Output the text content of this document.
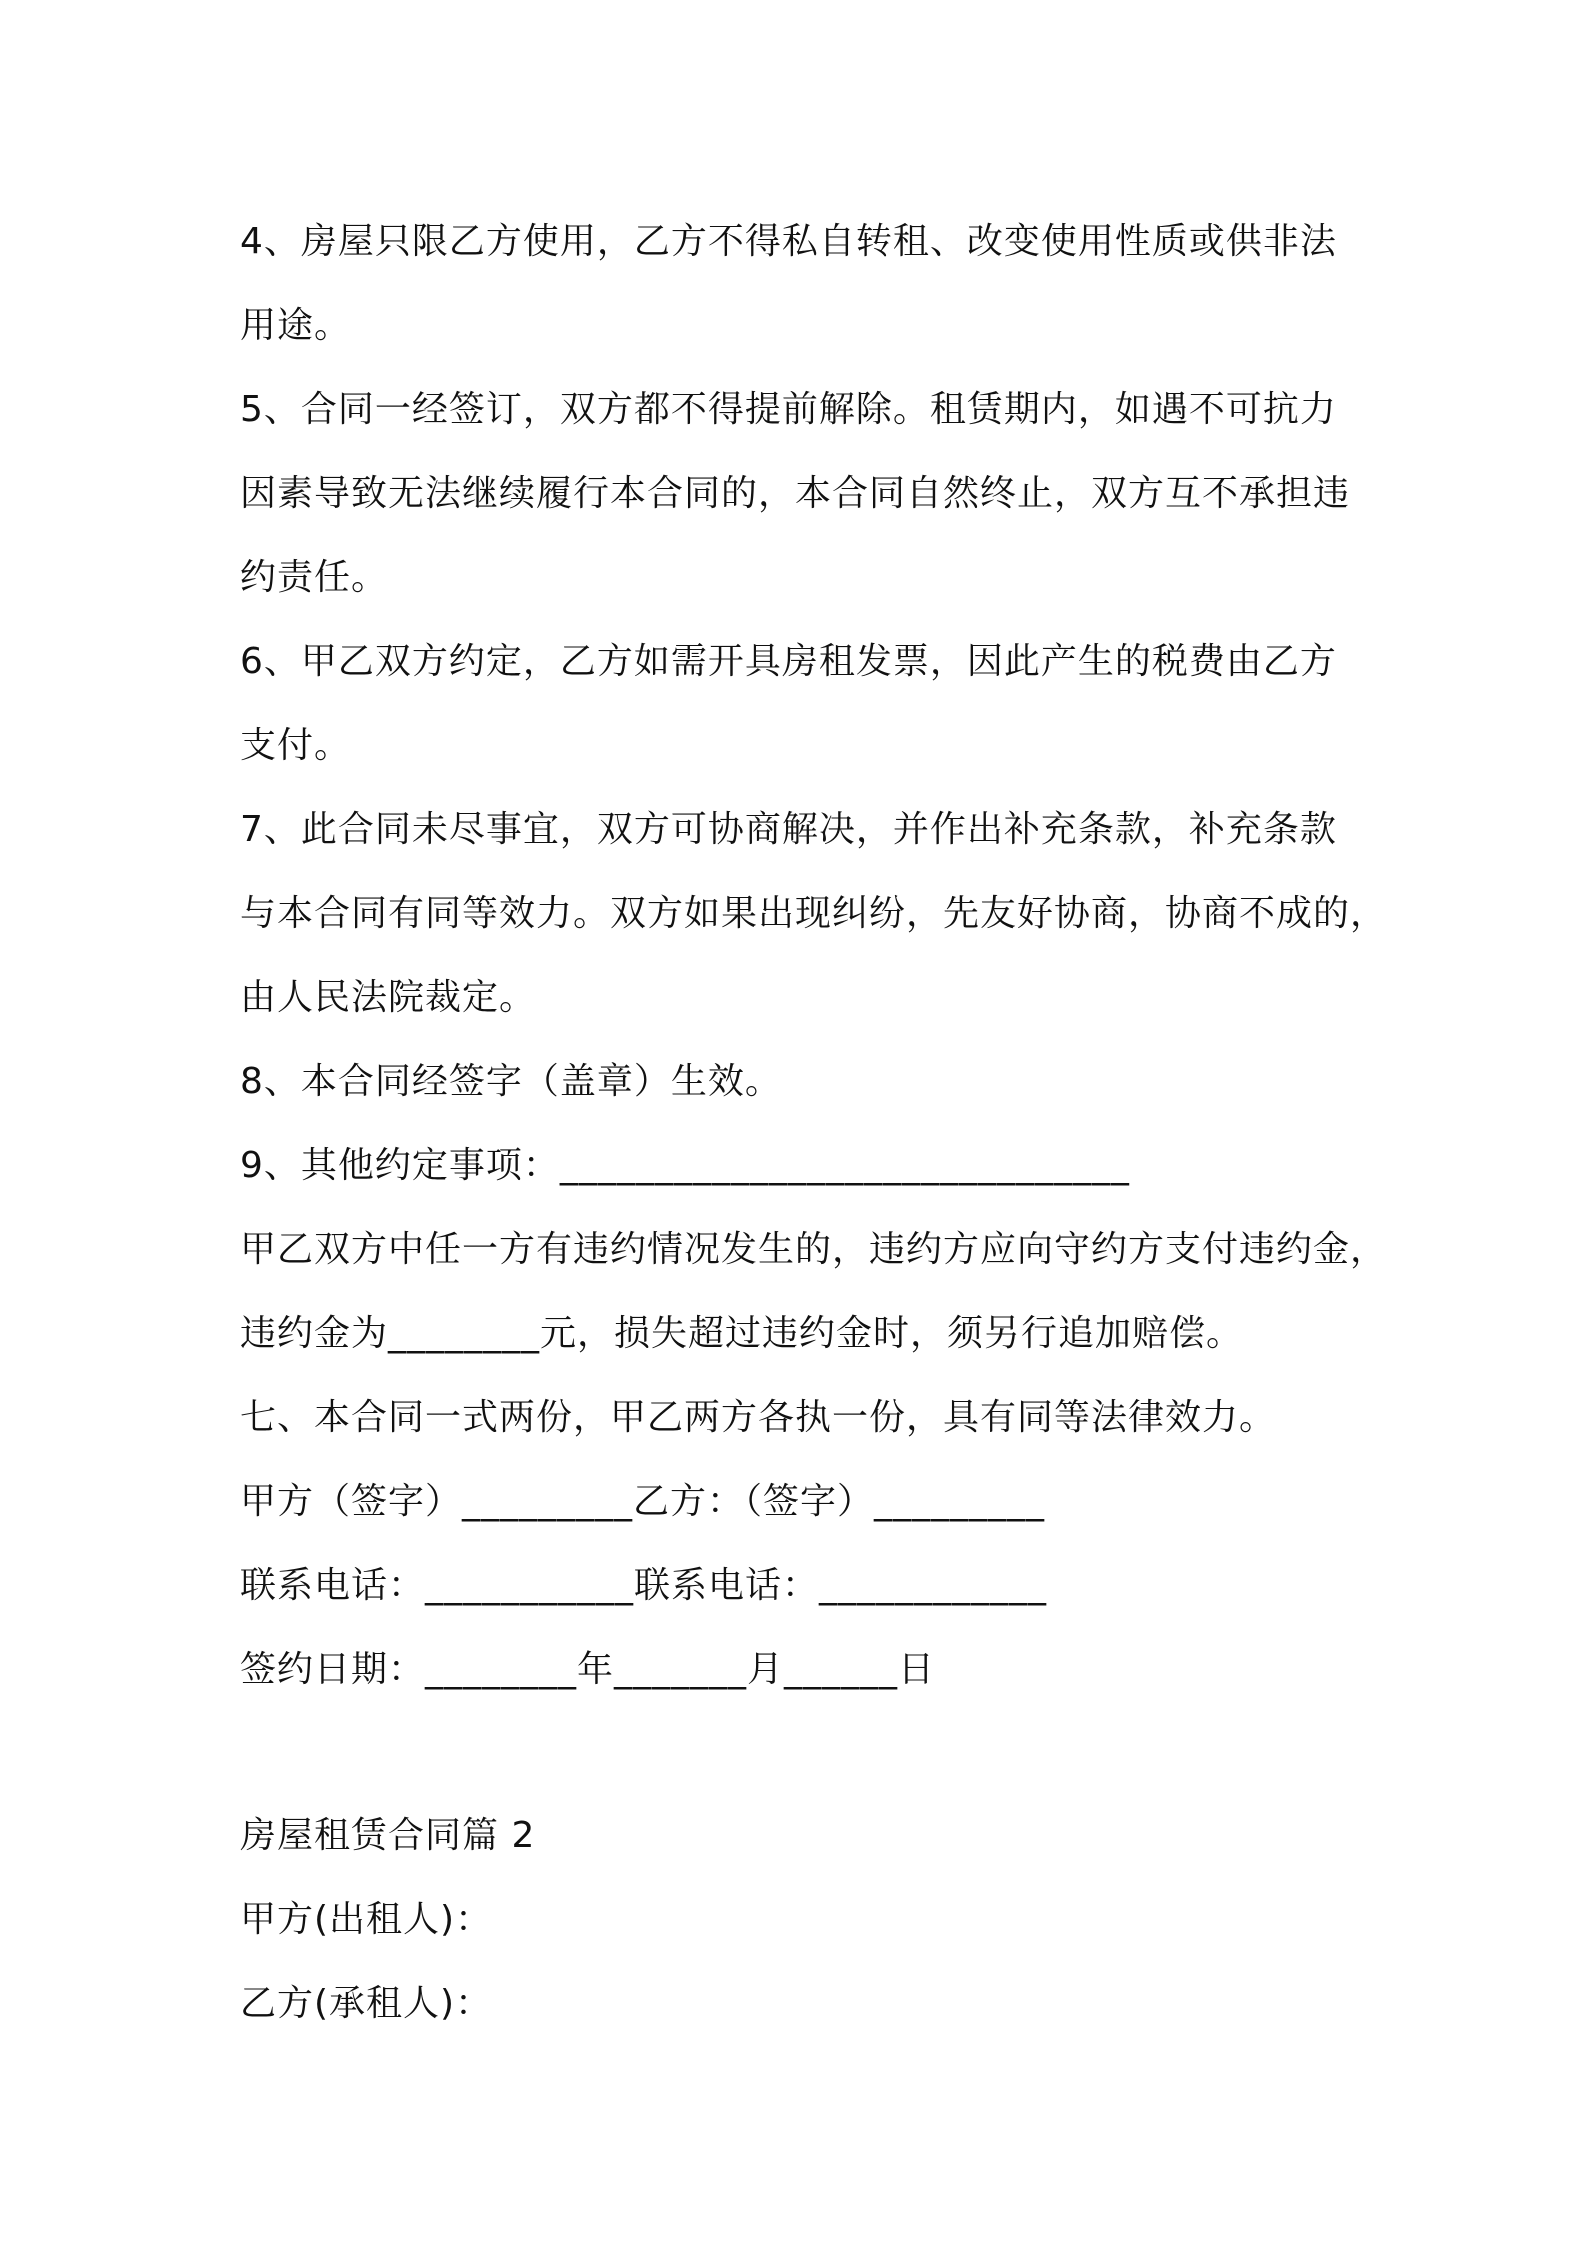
4、房屋只限乙方使用，乙方不得私自转租、改变使用性质或供非法
用途。
5、合同一经签订，双方都不得提前解除。租赁期内，如遇不可抗力
因素导致无法继续履行本合同的，本合同自然终止，双方互不承担违
约责任。
6、甲乙双方约定，乙方如需开具房租发票，因此产生的税费由乙方
支付。
7、此合同未尽事宜，双方可协商解决，并作出补充条款，补充条款
与本合同有同等效力。双方如果出现纠纷，先友好协商，协商不成的，
由人民法院裁定。
8、本合同经签字（盖章）生效。
9、其他约定事项：______________________________
甲乙双方中任一方有违约情况发生的，违约方应向守约方支付违约金，
违约金为________元，损失超过违约金时，须另行追加赔偿。
七、本合同一式两份，甲乙两方各执一份，具有同等法律效力。
甲方（签字）_________乙方：（签字）_________
联系电话：___________联系电话：____________
签约日期：________年_______月______日
房屋租赁合同篇 2
甲方(出租人)：
乙方(承租人)：
